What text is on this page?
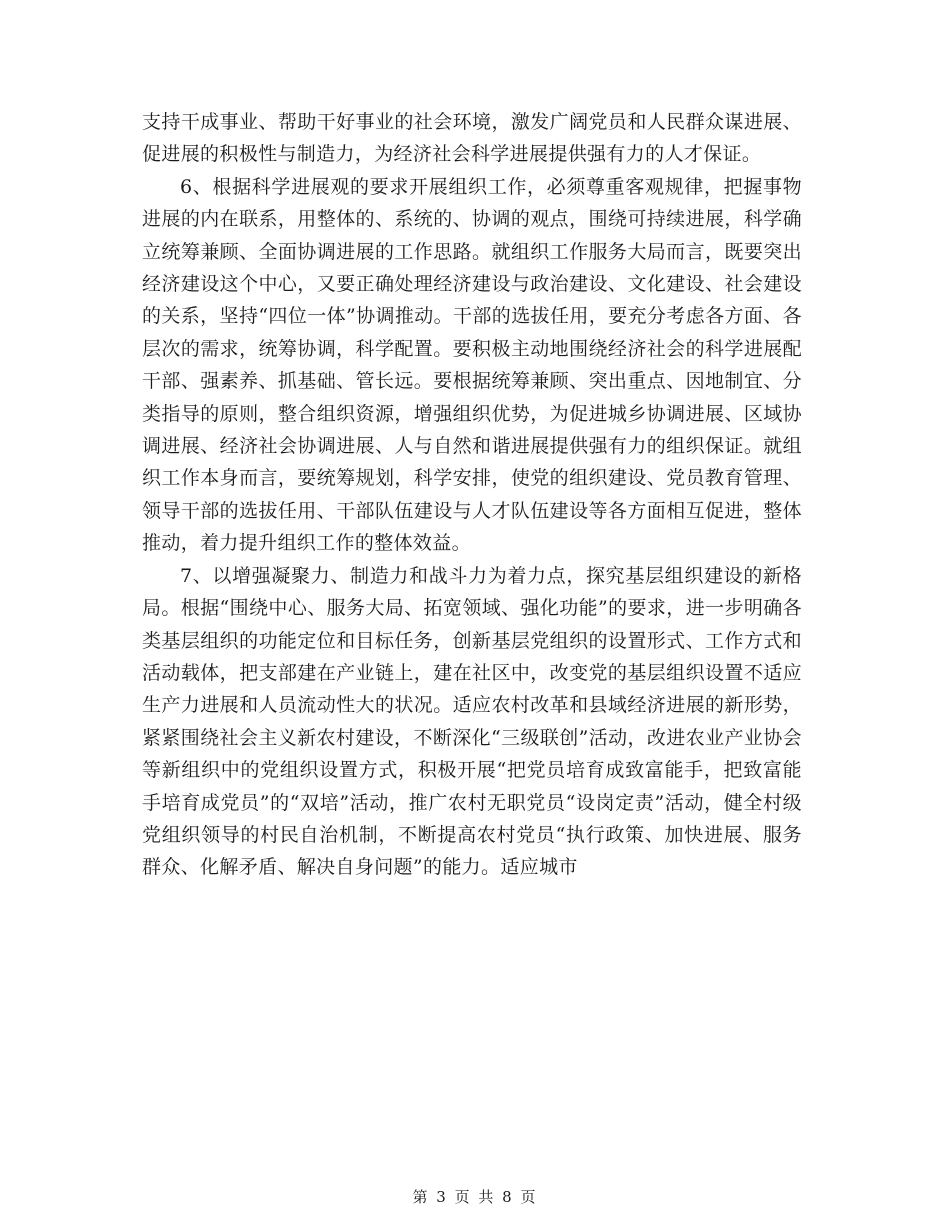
支持干成事业、帮助干好事业的社会环境，激发广阔党员和人民群众谋进展、促进展的积极性与制造力，为经济社会科学进展提供强有力的人才保证。

6、根据科学进展观的要求开展组织工作，必须尊重客观规律，把握事物进展的内在联系，用整体的、系统的、协调的观点，围绕可持续进展，科学确立统筹兼顾、全面协调进展的工作思路。就组织工作服务大局而言，既要突出经济建设这个中心，又要正确处理经济建设与政治建设、文化建设、社会建设的关系，坚持“四位一体”协调推动。干部的选拔任用，要充分考虑各方面、各层次的需求，统筹协调，科学配置。要积极主动地围绕经济社会的科学进展配干部、强素养、抓基础、管长远。要根据统筹兼顾、突出重点、因地制宜、分类指导的原则，整合组织资源，增强组织优势，为促进城乡协调进展、区域协调进展、经济社会协调进展、人与自然和谐进展提供强有力的组织保证。就组织工作本身而言，要统筹规划，科学安排，使党的组织建设、党员教育管理、领导干部的选拔任用、干部队伍建设与人才队伍建设等各方面相互促进，整体推动，着力提升组织工作的整体效益。

7、以增强凝聚力、制造力和战斗力为着力点，探究基层组织建设的新格局。根据“围绕中心、服务大局、拓宽领域、强化功能”的要求，进一步明确各类基层组织的功能定位和目标任务，创新基层党组织的设置形式、工作方式和活动载体，把支部建在产业链上，建在社区中，改变党的基层组织设置不适应生产力进展和人员流动性大的状况。适应农村改革和县域经济进展的新形势，紧紧围绕社会主义新农村建设，不断深化“三级联创”活动，改进农业产业协会等新组织中的党组织设置方式，积极开展“把党员培育成致富能手，把致富能手培育成党员”的“双培”活动，推广农村无职党员“设岗定责”活动，健全村级党组织领导的村民自治机制，不断提高农村党员“执行政策、加快进展、服务群众、化解矛盾、解决自身问题”的能力。适应城市

第 3 页 共 8 页
